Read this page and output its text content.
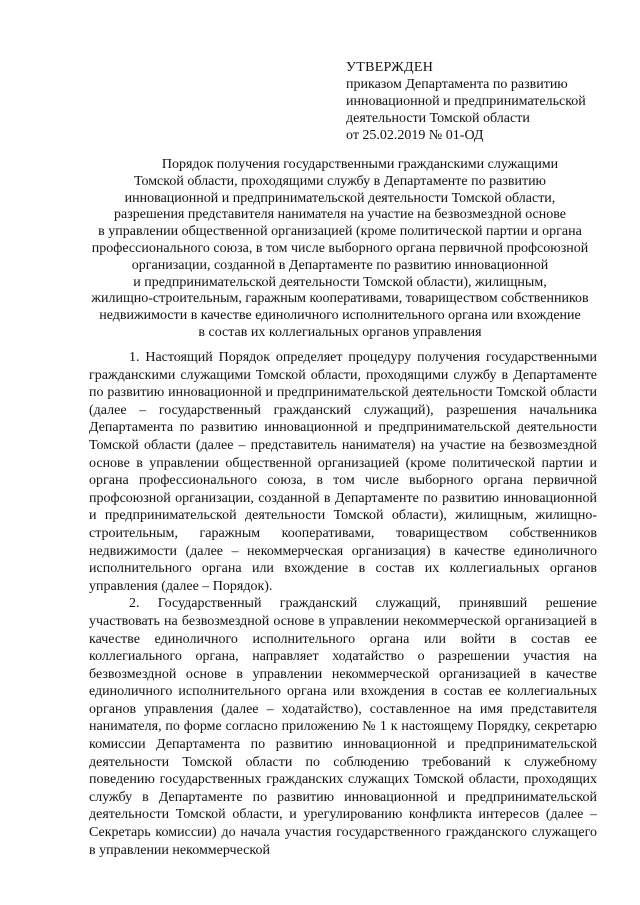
УТВЕРЖДЕН
приказом Департамента по развитию
инновационной и предпринимательской
деятельности Томской области
от 25.02.2019 № 01-ОД
Порядок получения государственными гражданскими служащими
Томской области, проходящими службу в Департаменте по развитию
инновационной и предпринимательской деятельности Томской области,
разрешения представителя нанимателя на участие на безвозмездной основе
в управлении общественной организацией (кроме политической партии и органа
профессионального союза, в том числе выборного органа первичной профсоюзной
организации, созданной в Департаменте по развитию инновационной
и предпринимательской деятельности Томской области), жилищным,
жилищно-строительным, гаражным кооперативами, товариществом собственников
недвижимости в качестве единоличного исполнительного органа или вхождение
в состав их коллегиальных органов управления

1. Настоящий Порядок определяет процедуру получения государственными гражданскими служащими Томской области, проходящими службу в Департаменте по развитию инновационной и предпринимательской деятельности Томской области (далее – государственный гражданский служащий), разрешения начальника Департамента по развитию инновационной и предпринимательской деятельности Томской области (далее – представитель нанимателя) на участие на безвозмездной основе в управлении общественной организацией (кроме политической партии и органа профессионального союза, в том числе выборного органа первичной профсоюзной организации, созданной в Департаменте по развитию инновационной и предпринимательской деятельности Томской области), жилищным, жилищно-строительным, гаражным кооперативами, товариществом собственников недвижимости (далее – некоммерческая организация) в качестве единоличного исполнительного органа или вхождение в состав их коллегиальных органов управления (далее – Порядок).

2. Государственный гражданский служащий, принявший решение участвовать на безвозмездной основе в управлении некоммерческой организацией в качестве единоличного исполнительного органа или войти в состав ее коллегиального органа, направляет ходатайство о разрешении участия на безвозмездной основе в управлении некоммерческой организацией в качестве единоличного исполнительного органа или вхождения в состав ее коллегиальных органов управления (далее – ходатайство), составленное на имя представителя нанимателя, по форме согласно приложению № 1 к настоящему Порядку, секретарю комиссии Департамента по развитию инновационной и предпринимательской деятельности Томской области по соблюдению требований к служебному поведению государственных гражданских служащих Томской области, проходящих службу в Департаменте по развитию инновационной и предпринимательской деятельности Томской области, и урегулированию конфликта интересов (далее – Секретарь комиссии) до начала участия государственного гражданского служащего в управлении некоммерческой
